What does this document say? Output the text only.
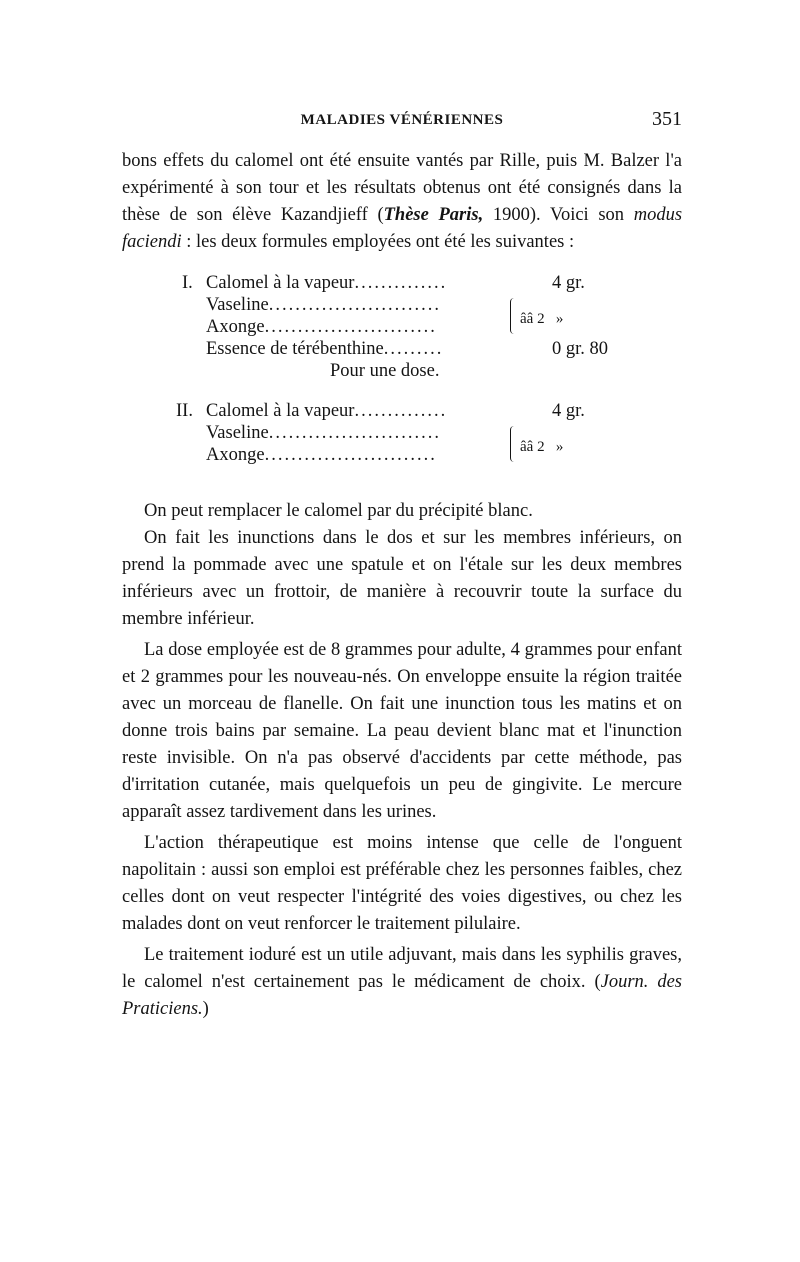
MALADIES VÉNÉRIENNES	351

bons effets du calomel ont été ensuite vantés par Rille, puis M. Balzer l'a expérimenté à son tour et les résultats obtenus ont été consignés dans la thèse de son élève Kazandjieff (Thèse Paris, 1900). Voici son modus faciendi : les deux formules employées ont été les suivantes :

I. Calomel à la vapeur..............	4 gr.
Vaseline..........................
Axonge..........................	ââ 2 »
Essence de térébenthine.........	0 gr. 80
Pour une dose.
II. Calomel à la vapeur..............	4 gr.
Vaseline..........................
Axonge..........................	ââ 2 »

On peut remplacer le calomel par du précipité blanc.

On fait les inunctions dans le dos et sur les membres inférieurs, on prend la pommade avec une spatule et on l'étale sur les deux membres inférieurs avec un frottoir, de manière à recouvrir toute la surface du membre inférieur.

La dose employée est de 8 grammes pour adulte, 4 grammes pour enfant et 2 grammes pour les nouveau-nés. On enveloppe ensuite la région traitée avec un morceau de flanelle. On fait une inunction tous les matins et on donne trois bains par semaine. La peau devient blanc mat et l'inunction reste invisible. On n'a pas observé d'accidents par cette méthode, pas d'irritation cutanée, mais quelquefois un peu de gingivite. Le mercure apparaît assez tardivement dans les urines.

L'action thérapeutique est moins intense que celle de l'onguent napolitain : aussi son emploi est préférable chez les personnes faibles, chez celles dont on veut respecter l'intégrité des voies digestives, ou chez les malades dont on veut renforcer le traitement pilulaire.

Le traitement ioduré est un utile adjuvant, mais dans les syphilis graves, le calomel n'est certainement pas le médicament de choix. (Journ. des Praticiens.)
